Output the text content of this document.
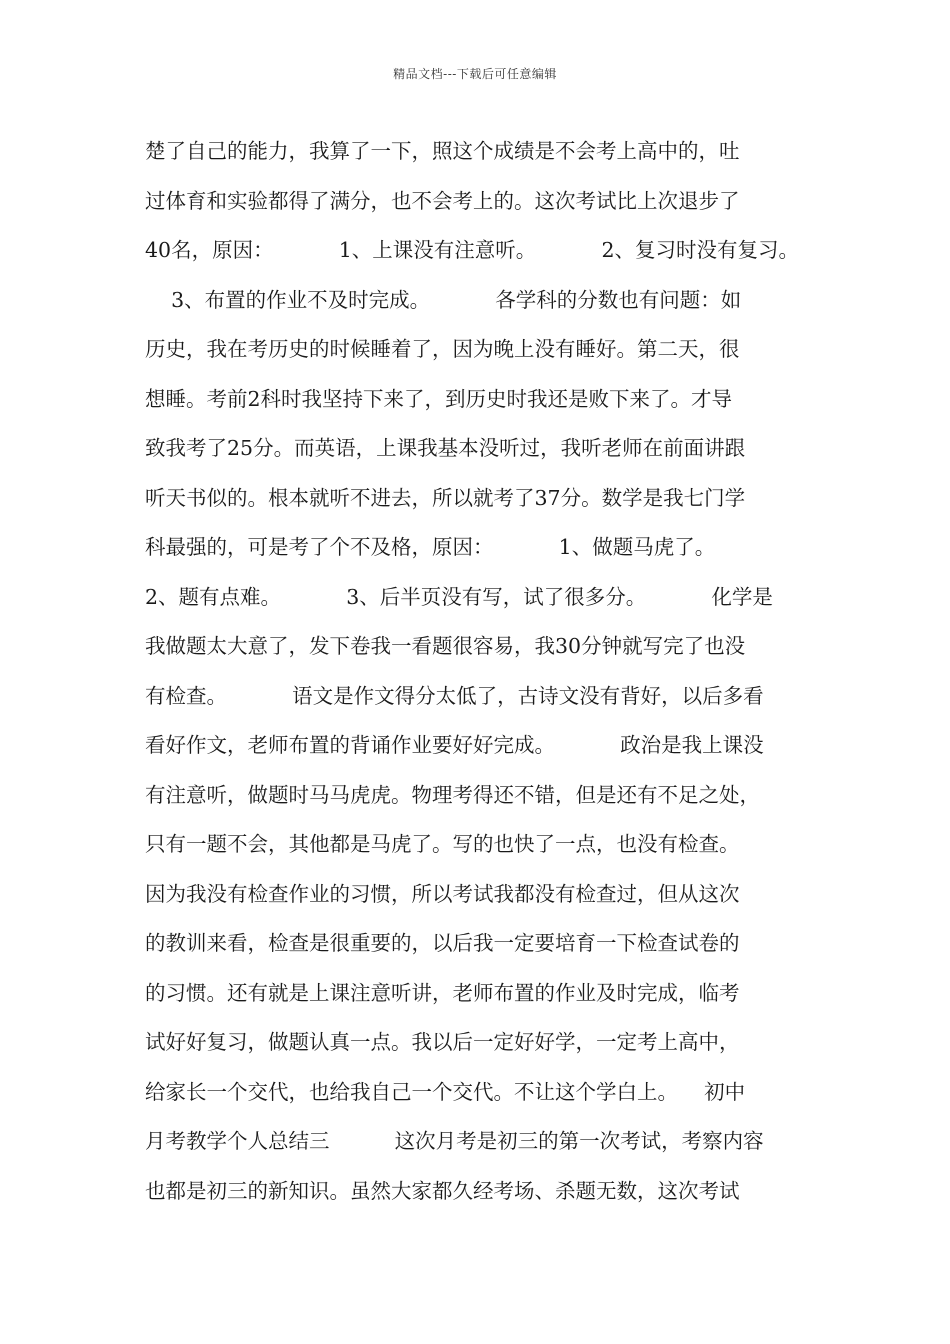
精品文档---下载后可任意编辑
楚了自己的能力，我算了一下，照这个成绩是不会考上高中的，吐
过体育和实验都得了满分，也不会考上的。这次考试比上次退步了
40名，原因：          1、上课没有注意听。          2、复习时没有复习。
3、布置的作业不及时完成。          各学科的分数也有问题：如
历史，我在考历史的时候睡着了，因为晚上没有睡好。第二天，很
想睡。考前2科时我坚持下来了，到历史时我还是败下来了。才导
致我考了25分。而英语，上课我基本没听过，我听老师在前面讲跟
听天书似的。根本就听不进去，所以就考了37分。数学是我七门学
科最强的，可是考了个不及格，原因：          1、做题马虎了。
2、题有点难。          3、后半页没有写，试了很多分。          化学是
我做题太大意了，发下卷我一看题很容易，我30分钟就写完了也没
有检查。          语文是作文得分太低了，古诗文没有背好，以后多看
看好作文，老师布置的背诵作业要好好完成。          政治是我上课没
有注意听，做题时马马虎虎。物理考得还不错，但是还有不足之处，
只有一题不会，其他都是马虎了。写的也快了一点，也没有检查。
因为我没有检查作业的习惯，所以考试我都没有检查过，但从这次
的教训来看，检查是很重要的，以后我一定要培育一下检查试卷的
的习惯。还有就是上课注意听讲，老师布置的作业及时完成，临考
试好好复习，做题认真一点。我以后一定好好学，一定考上高中，
给家长一个交代，也给我自己一个交代。不让这个学白上。    初中
月考教学个人总结三          这次月考是初三的第一次考试，考察内容
也都是初三的新知识。虽然大家都久经考场、杀题无数，这次考试
